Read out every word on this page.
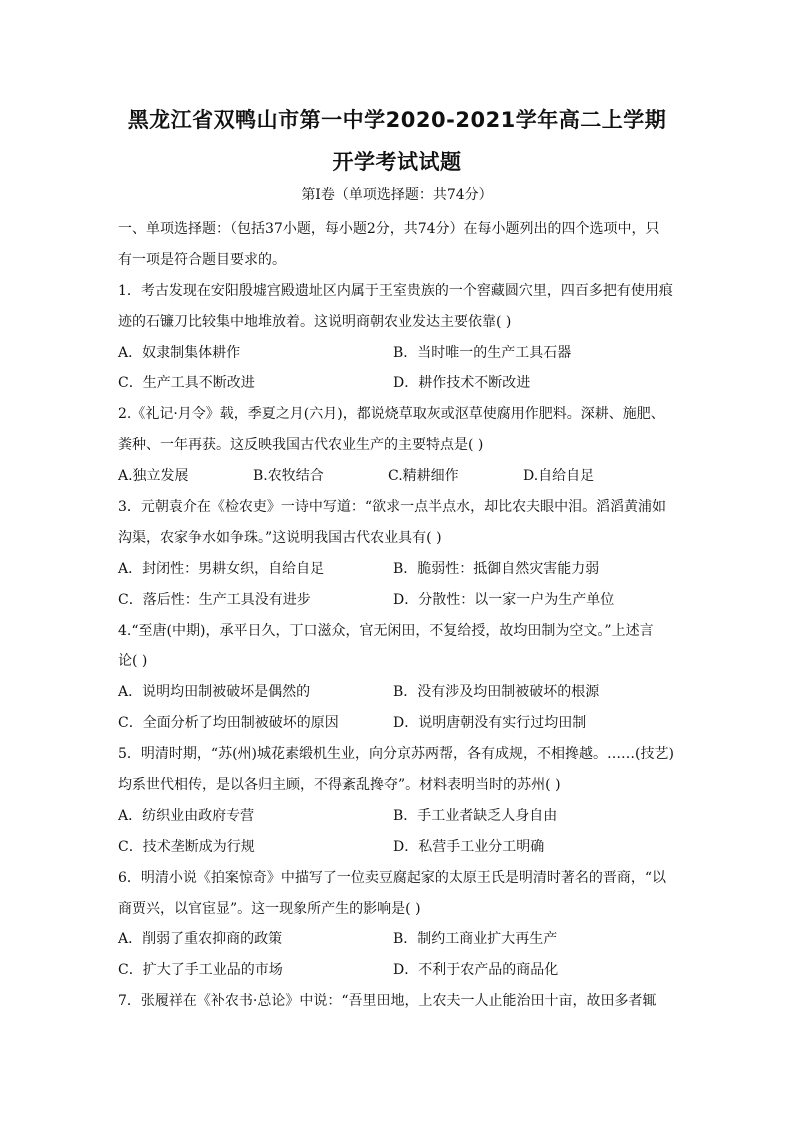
黑龙江省双鸭山市第一中学2020-2021学年高二上学期
开学考试试题
第Ⅰ卷（单项选择题：共74分）
一、单项选择题：（包括37小题，每小题2分，共74分）在每小题列出的四个选项中，只
有一项是符合题目要求的。
1．考古发现在安阳殷墟宫殿遗址区内属于王室贵族的一个窖藏圆穴里，四百多把有使用痕
迹的石镰刀比较集中地堆放着。这说明商朝农业发达主要依靠( )
A．奴隶制集体耕作	B．当时唯一的生产工具石器
C．生产工具不断改进	D．耕作技术不断改进
2.《礼记·月令》载，季夏之月(六月)，都说烧草取灰或沤草使腐用作肥料。深耕、施肥、
粪种、一年再获。这反映我国古代农业生产的主要特点是( )
A.独立发展	B.农牧结合	C.精耕细作	D.自给自足
3．元朝袁介在《检农吏》一诗中写道：“欲求一点半点水，却比农夫眼中泪。滔滔黄浦如
沟渠，农家争水如争珠。”这说明我国古代农业具有( )
A．封闭性：男耕女织，自给自足	B．脆弱性：抵御自然灾害能力弱
C．落后性：生产工具没有进步	D．分散性：以一家一户为生产单位
4.“至唐(中期)，承平日久，丁口滋众，官无闲田，不复给授，故均田制为空文。”上述言
论( )
A．说明均田制被破坏是偶然的	B．没有涉及均田制被破坏的根源
C．全面分析了均田制被破坏的原因	D．说明唐朝没有实行过均田制
5．明清时期，“苏(州)城花素缎机生业，向分京苏两帮，各有成规，不相搀越。……(技艺)
均系世代相传，是以各归主顾，不得紊乱搀夺”。材料表明当时的苏州( )
A．纺织业由政府专营	B．手工业者缺乏人身自由
C．技术垄断成为行规	D．私营手工业分工明确
6．明清小说《拍案惊奇》中描写了一位卖豆腐起家的太原王氏是明清时著名的晋商，“以
商贾兴，以官宦显”。这一现象所产生的影响是( )
A．削弱了重农抑商的政策	B．制约工商业扩大再生产
C．扩大了手工业品的市场	D．不利于农产品的商品化
7．张履祥在《补农书·总论》中说：“吾里田地，上农夫一人止能治田十亩，故田多者辄
